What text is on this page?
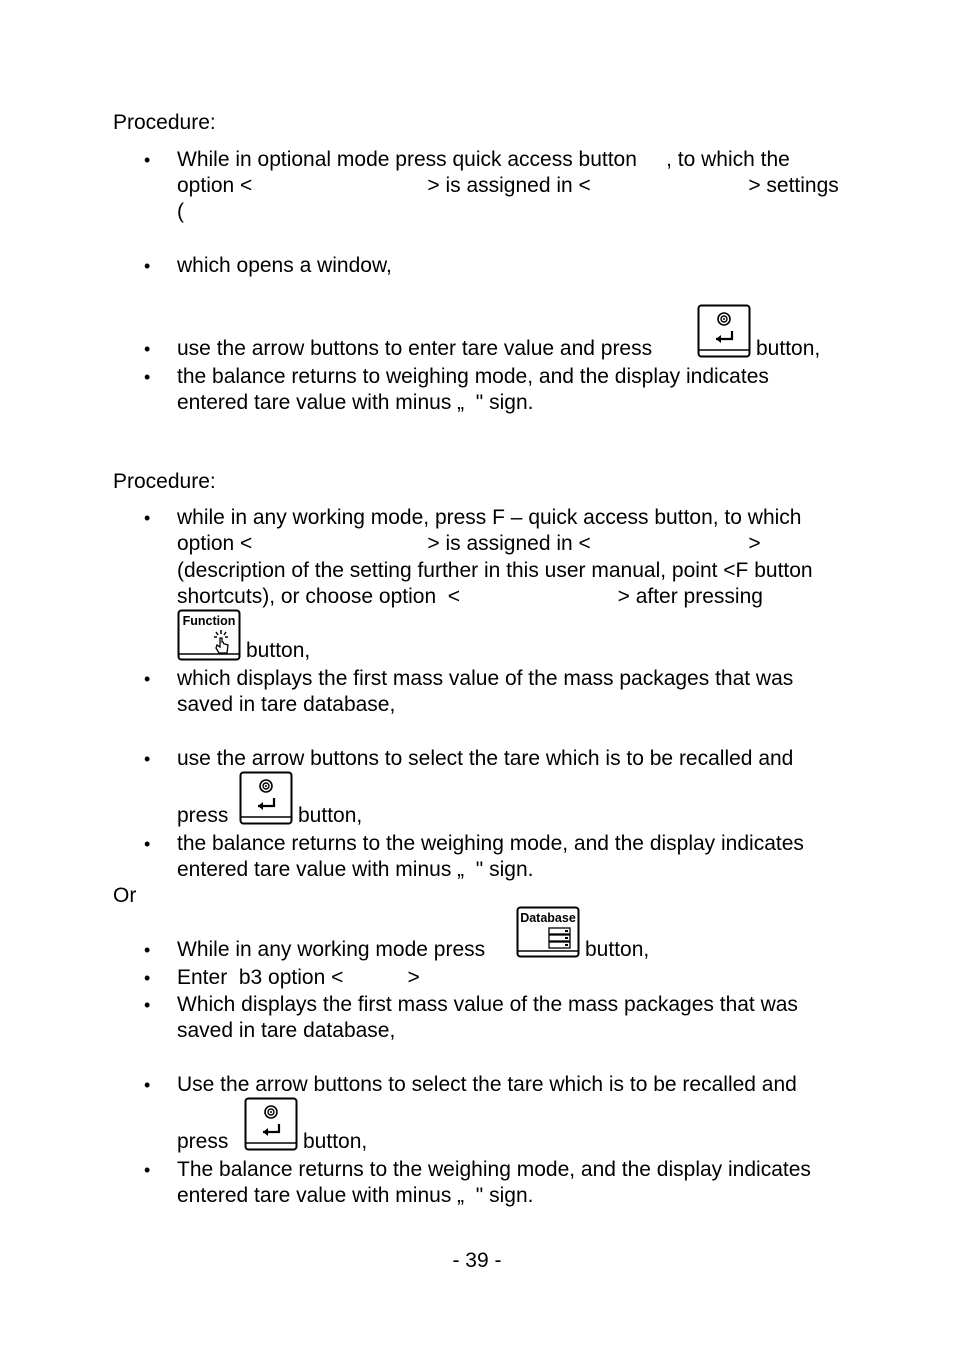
Procedure:
•	While in optional mode press quick access button     , to which the
option <                              > is assigned in <                           > settings
(
•	which opens a window,
•	use the arrow buttons to enter tare value and press	button,
•	the balance returns to weighing mode, and the display indicates
entered tare value with minus „  " sign.
Procedure:
•	while in any working mode, press F – quick access button, to which
option <                              > is assigned in <                           >
(description of the setting further in this user manual, point <F button
shortcuts), or choose option  <                           > after pressing
Function
button,
•	which displays the first mass value of the mass packages that was
saved in tare database,
•	use the arrow buttons to select the tare which is to be recalled and
press	button,
•	the balance returns to the weighing mode, and the display indicates
entered tare value with minus „  " sign.
Or
Database
•	While in any working mode press	button,
•	Enter  b3 option <           >
•	Which displays the first mass value of the mass packages that was
saved in tare database,
•	Use the arrow buttons to select the tare which is to be recalled and
press	button,
•	The balance returns to the weighing mode, and the display indicates
entered tare value with minus „  " sign.
- 39 -
